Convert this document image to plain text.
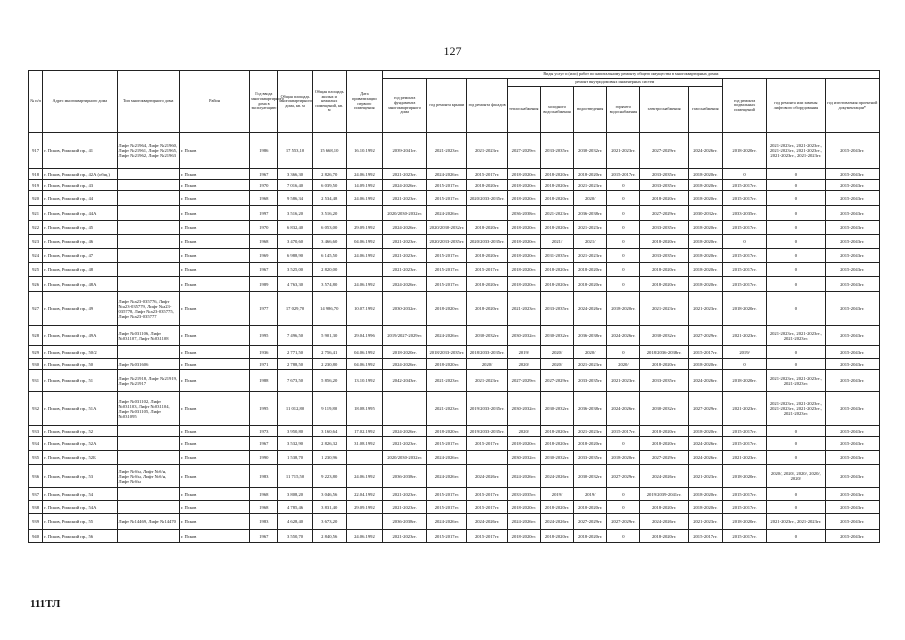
127
№ п/п	Адрес многоквартирного дома	Тип многоквартирного дома	Район	Год ввода многоквартирного дома в эксплуатацию	Общая площадь многоквартирного дома, кв. м	Общая площадь жилых и нежилых помещений, кв. м	Дата приватизации первого помещения	Виды услуг и (или) работ по капитальному ремонту общего имущества в многоквартирных домах											
								год ремонта фундамента многоквартирного дома	год ремонта крыши	год ремонта фасадов	ремонт внутридомовых инженерных систем						год ремонта подвальных помещений	год ремонта или замены лифтового оборудования	год изготовления проектной документации*
											теплоснабжения	холодного водоснабжения	водоотведения	горячего водоснабжения	электроснабжения	газоснабжения			
917	г. Псков, Рижский пр., 41	Лифт №21964, Лифт №21960, Лифт №21961, Лифт №21965, Лифт №21962, Лифт №21963	г. Псков	1986	17 553,10	15 668,10	16.10.1992	2039-2041гг.	2021-2023гг.	2021-2023гг.	2027-2029гг.	2033-2035гг.	2030-2032гг.	2021-2023гг.	2027-2029гг.	2024-2026гг.	2018-2020гг.	2021-2023гг., 2021-2023гг., 2021-2023гг., 2021-2023гг., 2021-2023гг., 2021-2023гг.	2015-2043гг.
918	г. Псков, Рижский пр., 42А (общ.)		г. Псков	1967	3 366,30	2 826,70	24.06.1992	2021-2023гг.	2024-2026гг.	2015-2017гг.	2018-2020гг.	2018-2020гг.	2018-2020гг.	2015-2017гг.	2033-2035гг.	2018-2020гг.	0	0	2015-2043гг.
919	г. Псков, Рижский пр., 43		г. Псков	1970	7 016,40	6 039,50	14.09.1992	2024-2026гг.	2015-2017гг.	2018-2020гг.	2018-2020гг.	2018-2020гг.	2021-2023гг.	0	2033-2035гг.	2018-2020гг.	2015-2017гг.	0	2015-2043гг.
920	г. Псков, Рижский пр., 44		г. Псков	1968	9 586,34	2 534,48	24.06.1992	2021-2023гг.	2015-2017гг.	2020/2033-2035гг.	2018-2020гг.	2018-2020гг.	2020/	0	2018-2020гг.	2018-2020гг.	2015-2017гг.	0	2015-2043гг.
921	г. Псков, Рижский пр., 44А		г. Псков	1997	3 516,20	3 516,20		2020/2030-2032гг.	2024-2026гг.		2036-2038гг.	2021-2023гг.	2036-2038гг.	0	2027-2029гг.	2030-2032гг.	2033-2035гг.	0	2015-2043гг.
922	г. Псков, Рижский пр., 45		г. Псков	1970	6 832,40	6 053,00	29.09.1992	2024-2026гг.	2020/2030-2032гг.	2018-2020гг.	2018-2020гг.	2018-2020гг.	2021-2023гг.	0	2033-2035гг.	2018-2020гг.	2015-2017гг.	0	2015-2043гг.
923	г. Псков, Рижский пр., 46		г. Псков	1968	3 470,60	3 466,60	04.06.1992	2021-2023гг.	2020/2033-2035гг.	2020/2033-2035гг.	2018-2020гг.	2021/	2021/	0	2018-2020гг.	2018-2020гг.	0	0	2015-2043гг.
924	г. Псков, Рижский пр., 47		г. Псков	1969	6 988,90	6 145,50	24.06.1992	2021-2023гг.	2015-2017гг.	2018-2020гг.	2018-2020гг.	2031-2035гг.	2021-2023гг.	0	2033-2035гг.	2018-2020гг.	2015-2017гг.	0	2015-2043гг.
925	г. Псков, Рижский пр., 48		г. Псков	1967	3 525,00	2 820,00		2021-2023гг.	2015-2017гг.	2015-2017гг.	2018-2020гг.	2018-2020гг.	2018-2020гг.	0	2018-2020гг.	2018-2020гг.	2015-2017гг.	0	2015-2043гг.
926	г. Псков, Рижский пр., 48А		г. Псков	1989	4 763,30	3 574,80	24.06.1992	2024-2026гг.	2015-2017гг.	2018-2020гг.	2018-2020гг.	2018-2020гг.	2018-2020гг.	0	2018-2020гг.	2018-2020гг.	2015-2017гг.	0	2015-2043гг.
927	г. Псков, Рижский пр., 49	Лифт №а23-035776, Лифт №а23-035779, Лифт №а23-035778, Лифт №а23-035775, Лифт №а23-035777	г. Псков	1977	17 029,70	14 986,70	10.07.1992	2030-2032гг.	2018-2020гг.	2018-2020гг.	2021-2023гг.	2033-2035гг.	2024-2026гг.	2018-2020гг.	2021-2023гг.	2021-2023гг.	2018-2020гг.	0	2015-2043гг.
928	г. Псков, Рижский пр., 49А	Лифт №031106, Лифт №031107, Лифт №031108	г. Псков	1995	7 496,50	5 901,30	29.04.1996	2019/2027-2029гг.	2024-2026гг.	2030-2032гг.	2030-2032гг.	2030-2032гг.	2036-2038гг.	2024-2026гг.	2030-2032гг.	2027-2029гг.	2021-2023гг.	2021-2023гг., 2021-2023гг., 2021-2023гг.	2015-2043гг.
929	г. Псков, Рижский пр., 50/2		г. Псков	1936	2 771,50	2 756,41	04.06.1992	2018-2020гг.	2018/2033-2035гг.	2018/2033-2035гг.	2019/	2020/	2020/	0	2018/2036-2038гг.	2015-2017гг.	2019/	0	2015-2043гг.
930	г. Псков, Рижский пр., 50	Лифт №031606	г. Псков	1971	2 788,50	2 230,80	04.06.1992	2024-2026гг.	2018-2020гг.	2020/	2020/	2020/	2021-2023гг.	2020/	2018-2020гг.	2018-2020гг.	0	0	2015-2043гг.
931	г. Псков, Рижский пр., 51	Лифт №21918, Лифт №21919, Лифт №21917	г. Псков	1988	7 673,50	5 856,20	13.10.1992	2042-2043гг.	2021-2023гг.	2021-2023гг.	2027-2029гг.	2027-2029гг.	2033-2035гг.	2021-2023гг.	2033-2035гг.	2024-2026гг.	2018-2020гг.	2021-2023гг., 2021-2023гг., 2021-2023гг.	2015-2043гг.
932	г. Псков, Рижский пр., 51А	Лифт №031102, Лифт №031103, Лифт №031104, Лифт №031105, Лифт №031095	г. Псков	1995	11 012,80	9 119,80	18.08.1995		2021-2023гг.	2019/2033-2035гг.	2030-2032гг.	2030-2032гг.	2036-2038гг.	2024-2026гг.	2030-2032гг.	2027-2029гг.	2021-2023гг.	2021-2023гг., 2021-2023гг., 2021-2023гг., 2021-2023гг., 2021-2023гг.	2015-2043гг.
933	г. Псков, Рижский пр., 52		г. Псков	1973	3 950,80	3 160,64	17.02.1992	2024-2026гг.	2018-2020гг.	2019/2033-2035гг.	2020/	2018-2020гг.	2021-2023гг.	2015-2017гг.	2018-2020гг.	2018-2020гг.	2015-2017гг.	0	2015-2043гг.
934	г. Псков, Рижский пр., 52А		г. Псков	1967	3 532,90	2 826,32	31.08.1992	2021-2023гг.	2015-2017гг.	2015-2017гг.	2018-2020гг.	2018-2020гг.	2018-2020гг.	0	2018-2020гг.	2024-2026гг.	2015-2017гг.	0	2015-2043гг.
935	г. Псков, Рижский пр., 52Б		г. Псков	1990	1 538,70	1 230,96		2020/2030-2032гг.	2024-2026гг.		2030-2032гг.	2030-2032гг.	2033-2035гг.	2018-2020гг.	2027-2029гг.	2024-2026гг.	2021-2023гг.	0	2015-2043гг.
936	г. Псков, Рижский пр., 53	Лифт №б/н, Лифт №б/н, Лифт №б/н, Лифт №б/н, Лифт №б/н	г. Псков	1983	11 715,50	9 223,80	24.06.1992	2036-2038гг.	2024-2026гг.	2024-2026гг.	2024-2026гг.	2024-2026гг.	2030-2032гг.	2027-2029гг.	2024-2026гг.	2021-2023гг.	2018-2020гг.	2020/, 2020/, 2020/, 2020/, 2020/	2015-2043гг.
937	г. Псков, Рижский пр., 54		г. Псков	1968	3 808,20	3 046,56	22.04.1992	2021-2023гг.	2015-2017гг.	2015-2017гг.	2033-2035гг.	2019/	2019/	0	2019/2039-2041гг.	2018-2020гг.	2015-2017гг.	0	2015-2043гг.
938	г. Псков, Рижский пр., 54А		г. Псков	1968	4 785,46	3 831,40	29.09.1992	2021-2023гг.	2015-2017гг.	2015-2017гг.	2018-2020гг.	2018-2020гг.	2018-2020гг.	0	2018-2020гг.	2018-2020гг.	2015-2017гг.	0	2015-2043гг.
939	г. Псков, Рижский пр., 55	Лифт №14469, Лифт №14470	г. Псков	1983	4 628,40	3 673,20		2036-2038гг.	2024-2026гг.	2024-2026гг.	2024-2026гг.	2024-2026гг.	2027-2029гг.	2027-2029гг.	2024-2026гг.	2021-2023гг.	2018-2020гг.	2021-2023гг., 2021-2023гг.	2015-2043гг.
940	г. Псков, Рижский пр., 56		г. Псков	1967	3 550,70	2 840,56	24.06.1992	2021-2023гг.	2015-2017гг.	2015-2017гг.	2018-2020гг.	2018-2020гг.	2018-2020гг.	0	2018-2020гг.	2015-2017гг.	2015-2017гг.	0	2015-2043гг.
111ТЛ
